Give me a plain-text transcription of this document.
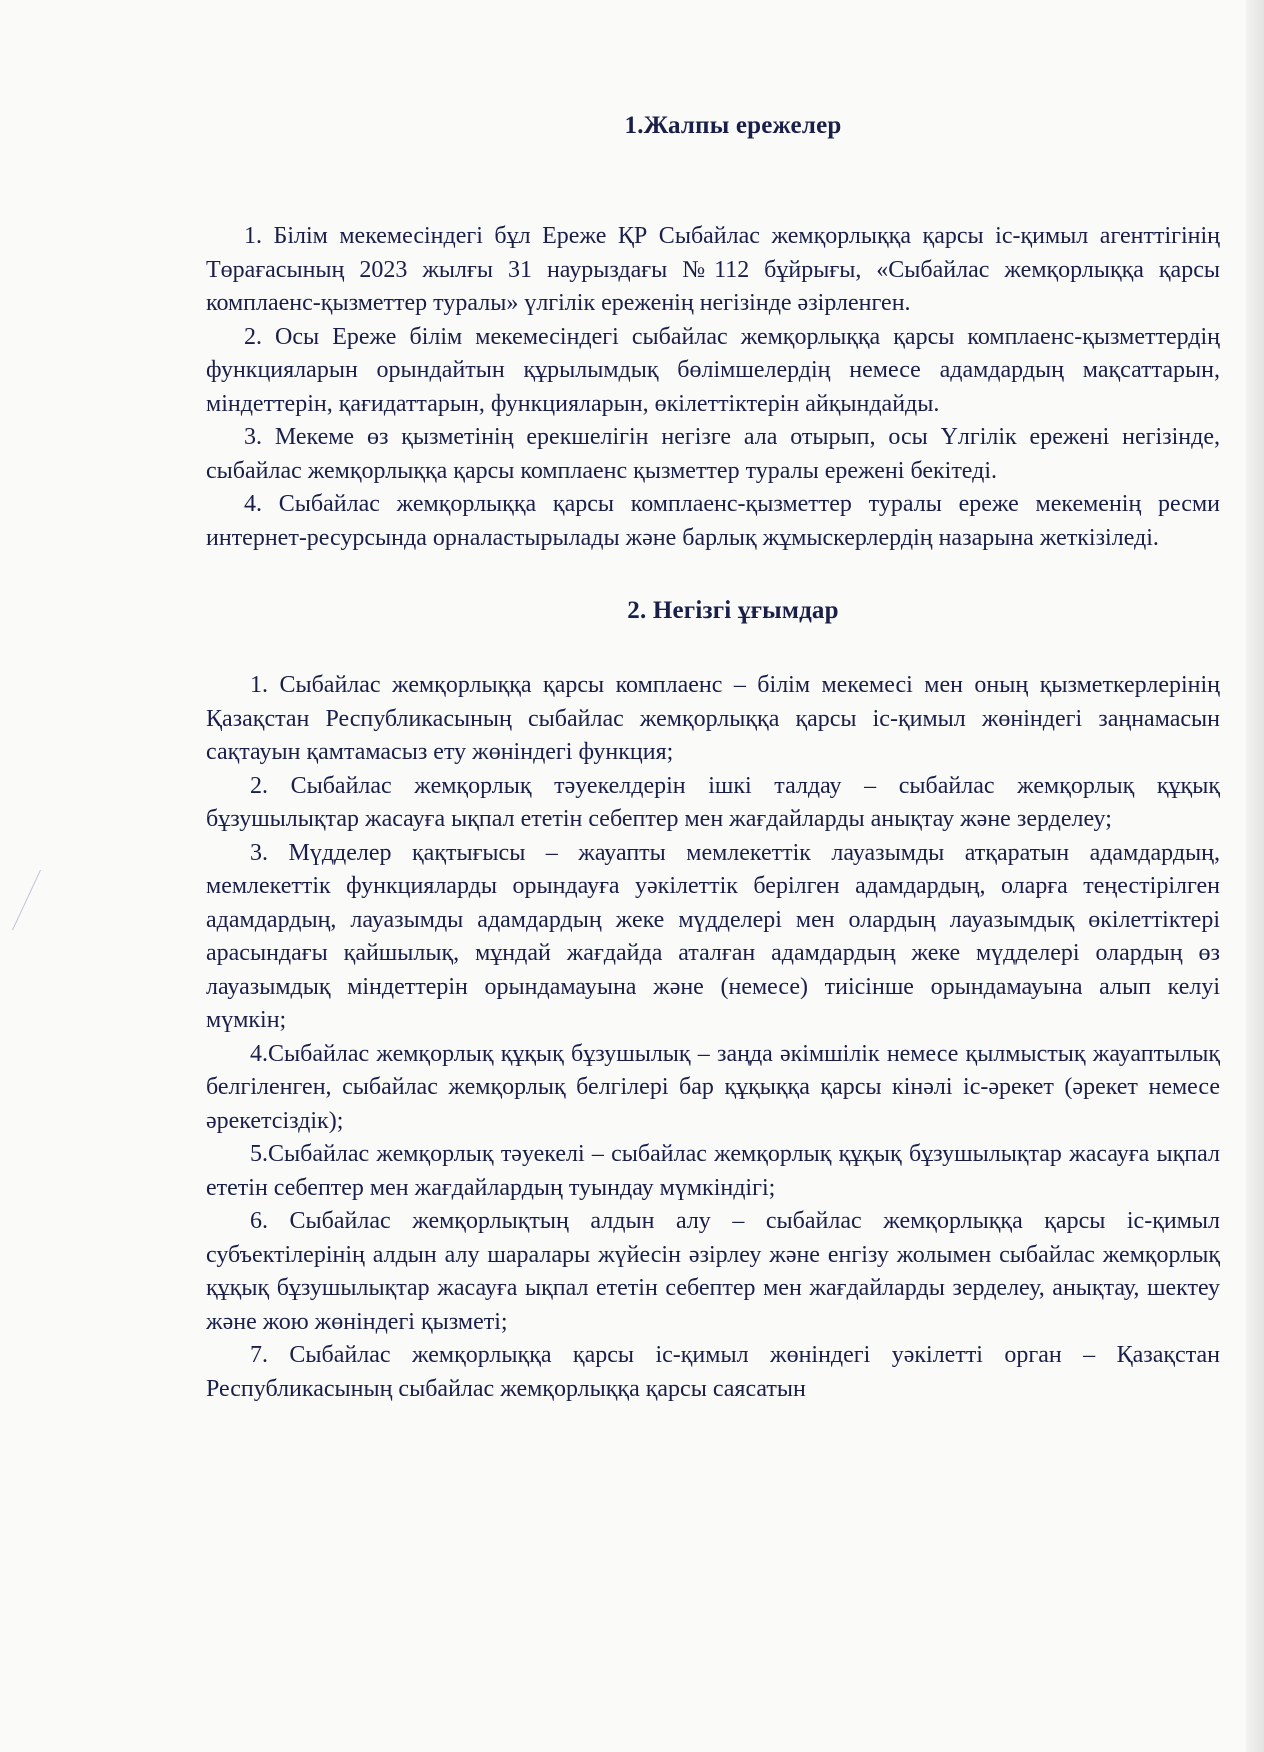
1.Жалпы ережелер

1. Білім мекемесіндегі бұл Ереже ҚР Сыбайлас жемқорлыққа қарсы іс-қимыл агенттігінің Төрағасының 2023 жылғы 31 наурыздағы №112 бұйрығы, «Сыбайлас жемқорлыққа қарсы комплаенс-қызметтер туралы» үлгілік ереженің негізінде әзірленген.

2. Осы Ереже білім мекемесіндегі сыбайлас жемқорлыққа қарсы комплаенс-қызметтердің функцияларын орындайтын құрылымдық бөлімшелердің немесе адамдардың мақсаттарын, міндеттерін, қағидаттарын, функцияларын, өкілеттіктерін айқындайды.

3. Мекеме өз қызметінің ерекшелігін негізге ала отырып, осы Үлгілік ережені негізінде, сыбайлас жемқорлыққа қарсы комплаенс қызметтер туралы ережені бекітеді.

4. Сыбайлас жемқорлыққа қарсы комплаенс-қызметтер туралы ереже мекеменің ресми интернет-ресурсында орналастырылады және барлық жұмыскерлердің назарына жеткізіледі.

2. Негізгі ұғымдар

1. Сыбайлас жемқорлыққа қарсы комплаенс – білім мекемесі мен оның қызметкерлерінің Қазақстан Республикасының сыбайлас жемқорлыққа қарсы іс-қимыл жөніндегі заңнамасын сақтауын қамтамасыз ету жөніндегі функция;

2. Сыбайлас жемқорлық тәуекелдерін ішкі талдау – сыбайлас жемқорлық құқық бұзушылықтар жасауға ықпал ететін себептер мен жағдайларды анықтау және зерделеу;

3. Мүдделер қақтығысы – жауапты мемлекеттік лауазымды атқаратын адамдардың, мемлекеттік функцияларды орындауға уәкілеттік берілген адамдардың, оларға теңестірілген адамдардың, лауазымды адамдардың жеке мүдделері мен олардың лауазымдық өкілеттіктері арасындағы қайшылық, мұндай жағдайда аталған адамдардың жеке мүдделері олардың өз лауазымдық міндеттерін орындамауына және (немесе) тиісінше орындамауына алып келуі мүмкін;

4.Сыбайлас жемқорлық құқық бұзушылық – заңда әкімшілік немесе қылмыстық жауаптылық белгіленген, сыбайлас жемқорлық белгілері бар құқыққа қарсы кінәлі іс-әрекет (әрекет немесе әрекетсіздік);

5.Сыбайлас жемқорлық тәуекелі – сыбайлас жемқорлық құқық бұзушылықтар жасауға ықпал ететін себептер мен жағдайлардың туындау мүмкіндігі;

6. Сыбайлас жемқорлықтың алдын алу – сыбайлас жемқорлыққа қарсы іс-қимыл субъектілерінің алдын алу шаралары жүйесін әзірлеу және енгізу жолымен сыбайлас жемқорлық құқық бұзушылықтар жасауға ықпал ететін себептер мен жағдайларды зерделеу, анықтау, шектеу және жою жөніндегі қызметі;

7. Сыбайлас жемқорлыққа қарсы іс-қимыл жөніндегі уәкілетті орган – Қазақстан Республикасының сыбайлас жемқорлыққа қарсы саясатын
